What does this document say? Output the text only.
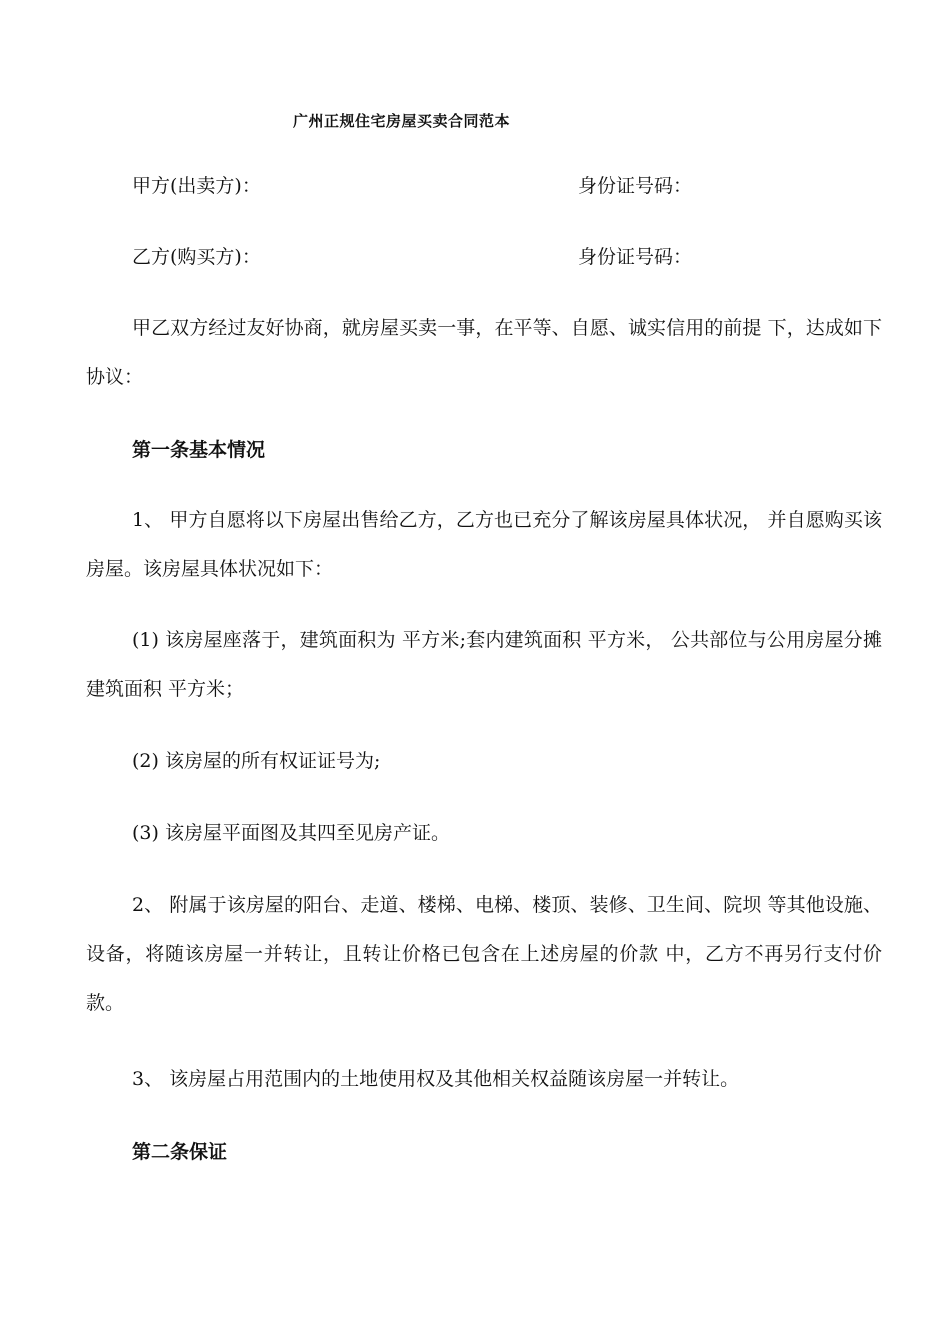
广州正规住宅房屋买卖合同范本
甲方(出卖方)：	身份证号码：
乙方(购买方)：	身份证号码：
甲乙双方经过友好协商，就房屋买卖一事，在平等、自愿、诚实信用的前提 下，达成如下协议：
第一条基本情况
1、 甲方自愿将以下房屋出售给乙方，乙方也已充分了解该房屋具体状况， 并自愿购买该房屋。该房屋具体状况如下：
(1) 该房屋座落于，建筑面积为 平方米;套内建筑面积 平方米， 公共部位与公用房屋分摊建筑面积 平方米；
(2) 该房屋的所有权证证号为;
(3) 该房屋平面图及其四至见房产证。
2、 附属于该房屋的阳台、走道、楼梯、电梯、楼顶、装修、卫生间、院坝 等其他设施、设备，将随该房屋一并转让，且转让价格已包含在上述房屋的价款 中，乙方不再另行支付价款。
3、 该房屋占用范围内的土地使用权及其他相关权益随该房屋一并转让。
第二条保证
